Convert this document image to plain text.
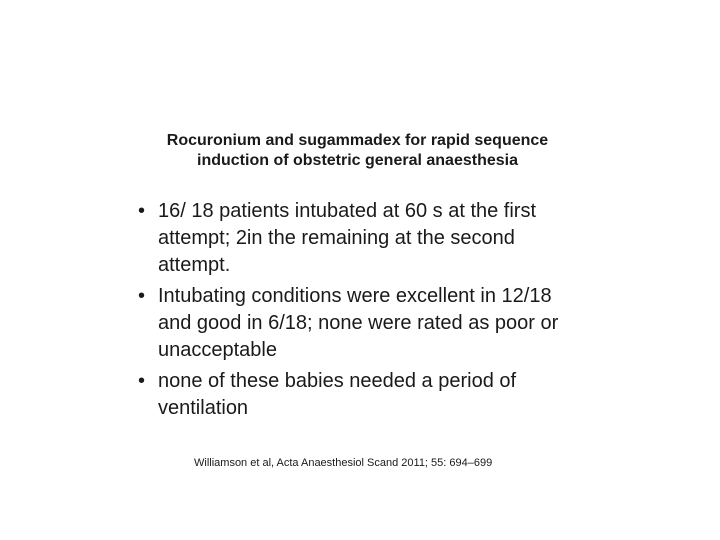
Rocuronium and sugammadex for rapid sequence
induction of obstetric general anaesthesia
• 16/ 18 patients intubated at 60 s at the first
attempt; 2in the remaining at the second
attempt.
• Intubating conditions were excellent in 12/18
and good in 6/18; none were rated as poor or
unacceptable
• none of these babies needed a period of
ventilation
Williamson et al, Acta Anaesthesiol Scand 2011; 55: 694–699
